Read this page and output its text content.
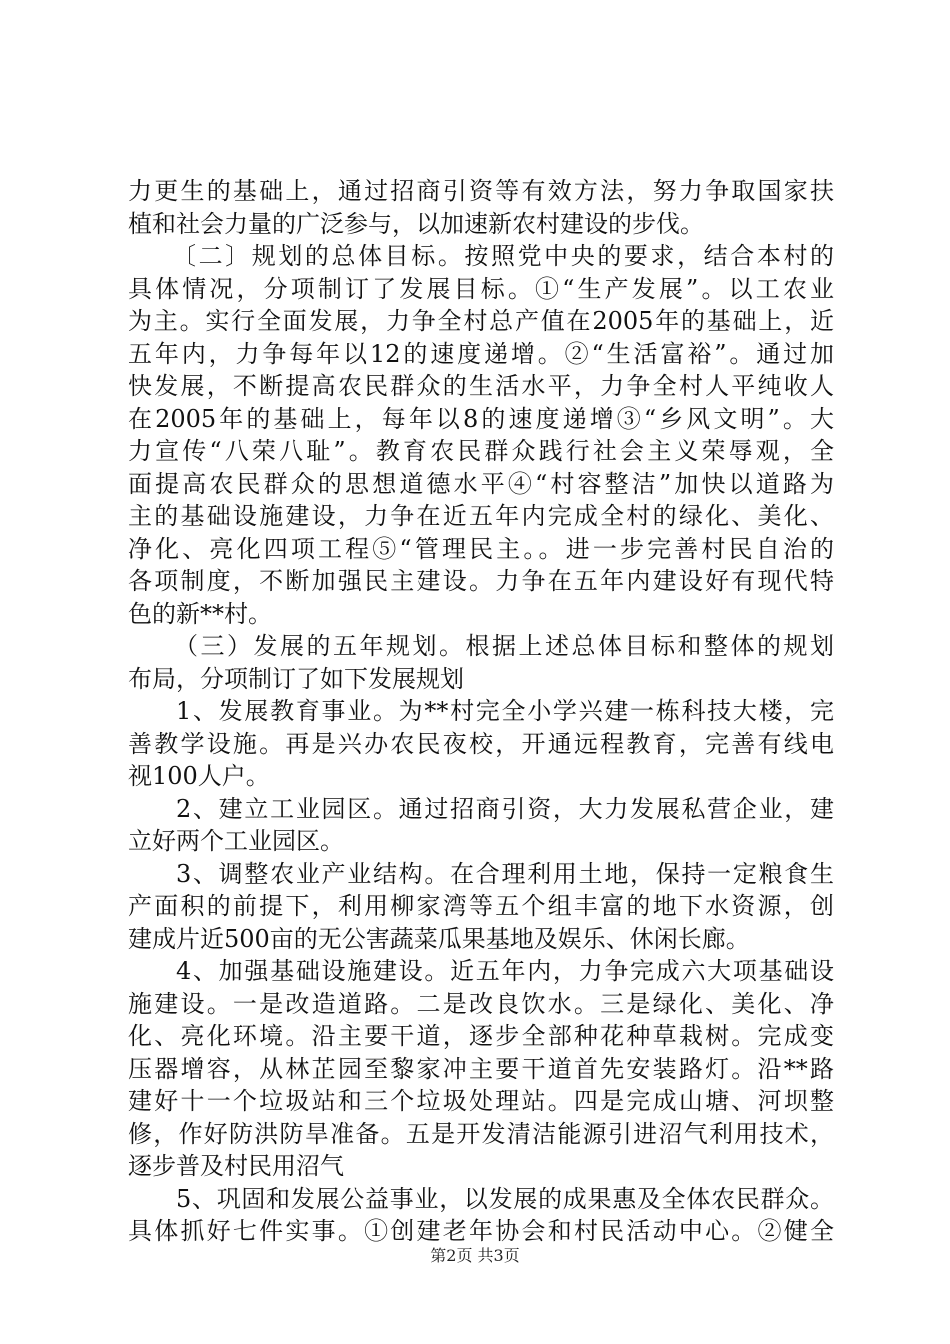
力更生的基础上，通过招商引资等有效方法，努力争取国家扶
植和社会力量的广泛参与，以加速新农村建设的步伐。
〔二〕规划的总体目标。按照党中央的要求，结合本村的
具体情况，分项制订了发展目标。①“生产发展”。以工农业
为主。实行全面发展，力争全村总产值在2005年的基础上，近
五年内，力争每年以12的速度递增。②“生活富裕”。通过加
快发展，不断提高农民群众的生活水平，力争全村人平纯收人
在2005年的基础上，每年以8的速度递增③“乡风文明”。大
力宣传“八荣八耻”。教育农民群众践行社会主义荣辱观，全
面提高农民群众的思想道德水平④“村容整洁”加快以道路为
主的基础设施建设，力争在近五年内完成全村的绿化、美化、
净化、亮化四项工程⑤“管理民主。。进一步完善村民自治的
各项制度，不断加强民主建设。力争在五年内建设好有现代特
色的新**村。
（三）发展的五年规划。根据上述总体目标和整体的规划
布局，分项制订了如下发展规划
1、发展教育事业。为**村完全小学兴建一栋科技大楼，完
善教学设施。再是兴办农民夜校，开通远程教育，完善有线电
视100人户。
2、建立工业园区。通过招商引资，大力发展私营企业，建
立好两个工业园区。
3、调整农业产业结构。在合理利用土地，保持一定粮食生
产面积的前提下，利用柳家湾等五个组丰富的地下水资源，创
建成片近500亩的无公害蔬菜瓜果基地及娱乐、休闲长廊。
4、加强基础设施建设。近五年内，力争完成六大项基础设
施建设。一是改造道路。二是改良饮水。三是绿化、美化、净
化、亮化环境。沿主要干道，逐步全部种花种草栽树。完成变
压器增容，从林芷园至黎家冲主要干道首先安装路灯。沿**路
建好十一个垃圾站和三个垃圾处理站。四是完成山塘、河坝整
修，作好防洪防旱准备。五是开发清洁能源引进沼气利用技术，
逐步普及村民用沼气
5、巩固和发展公益事业，以发展的成果惠及全体农民群众。
具体抓好七件实事。①创建老年协会和村民活动中心。②健全
第2页 共3页
